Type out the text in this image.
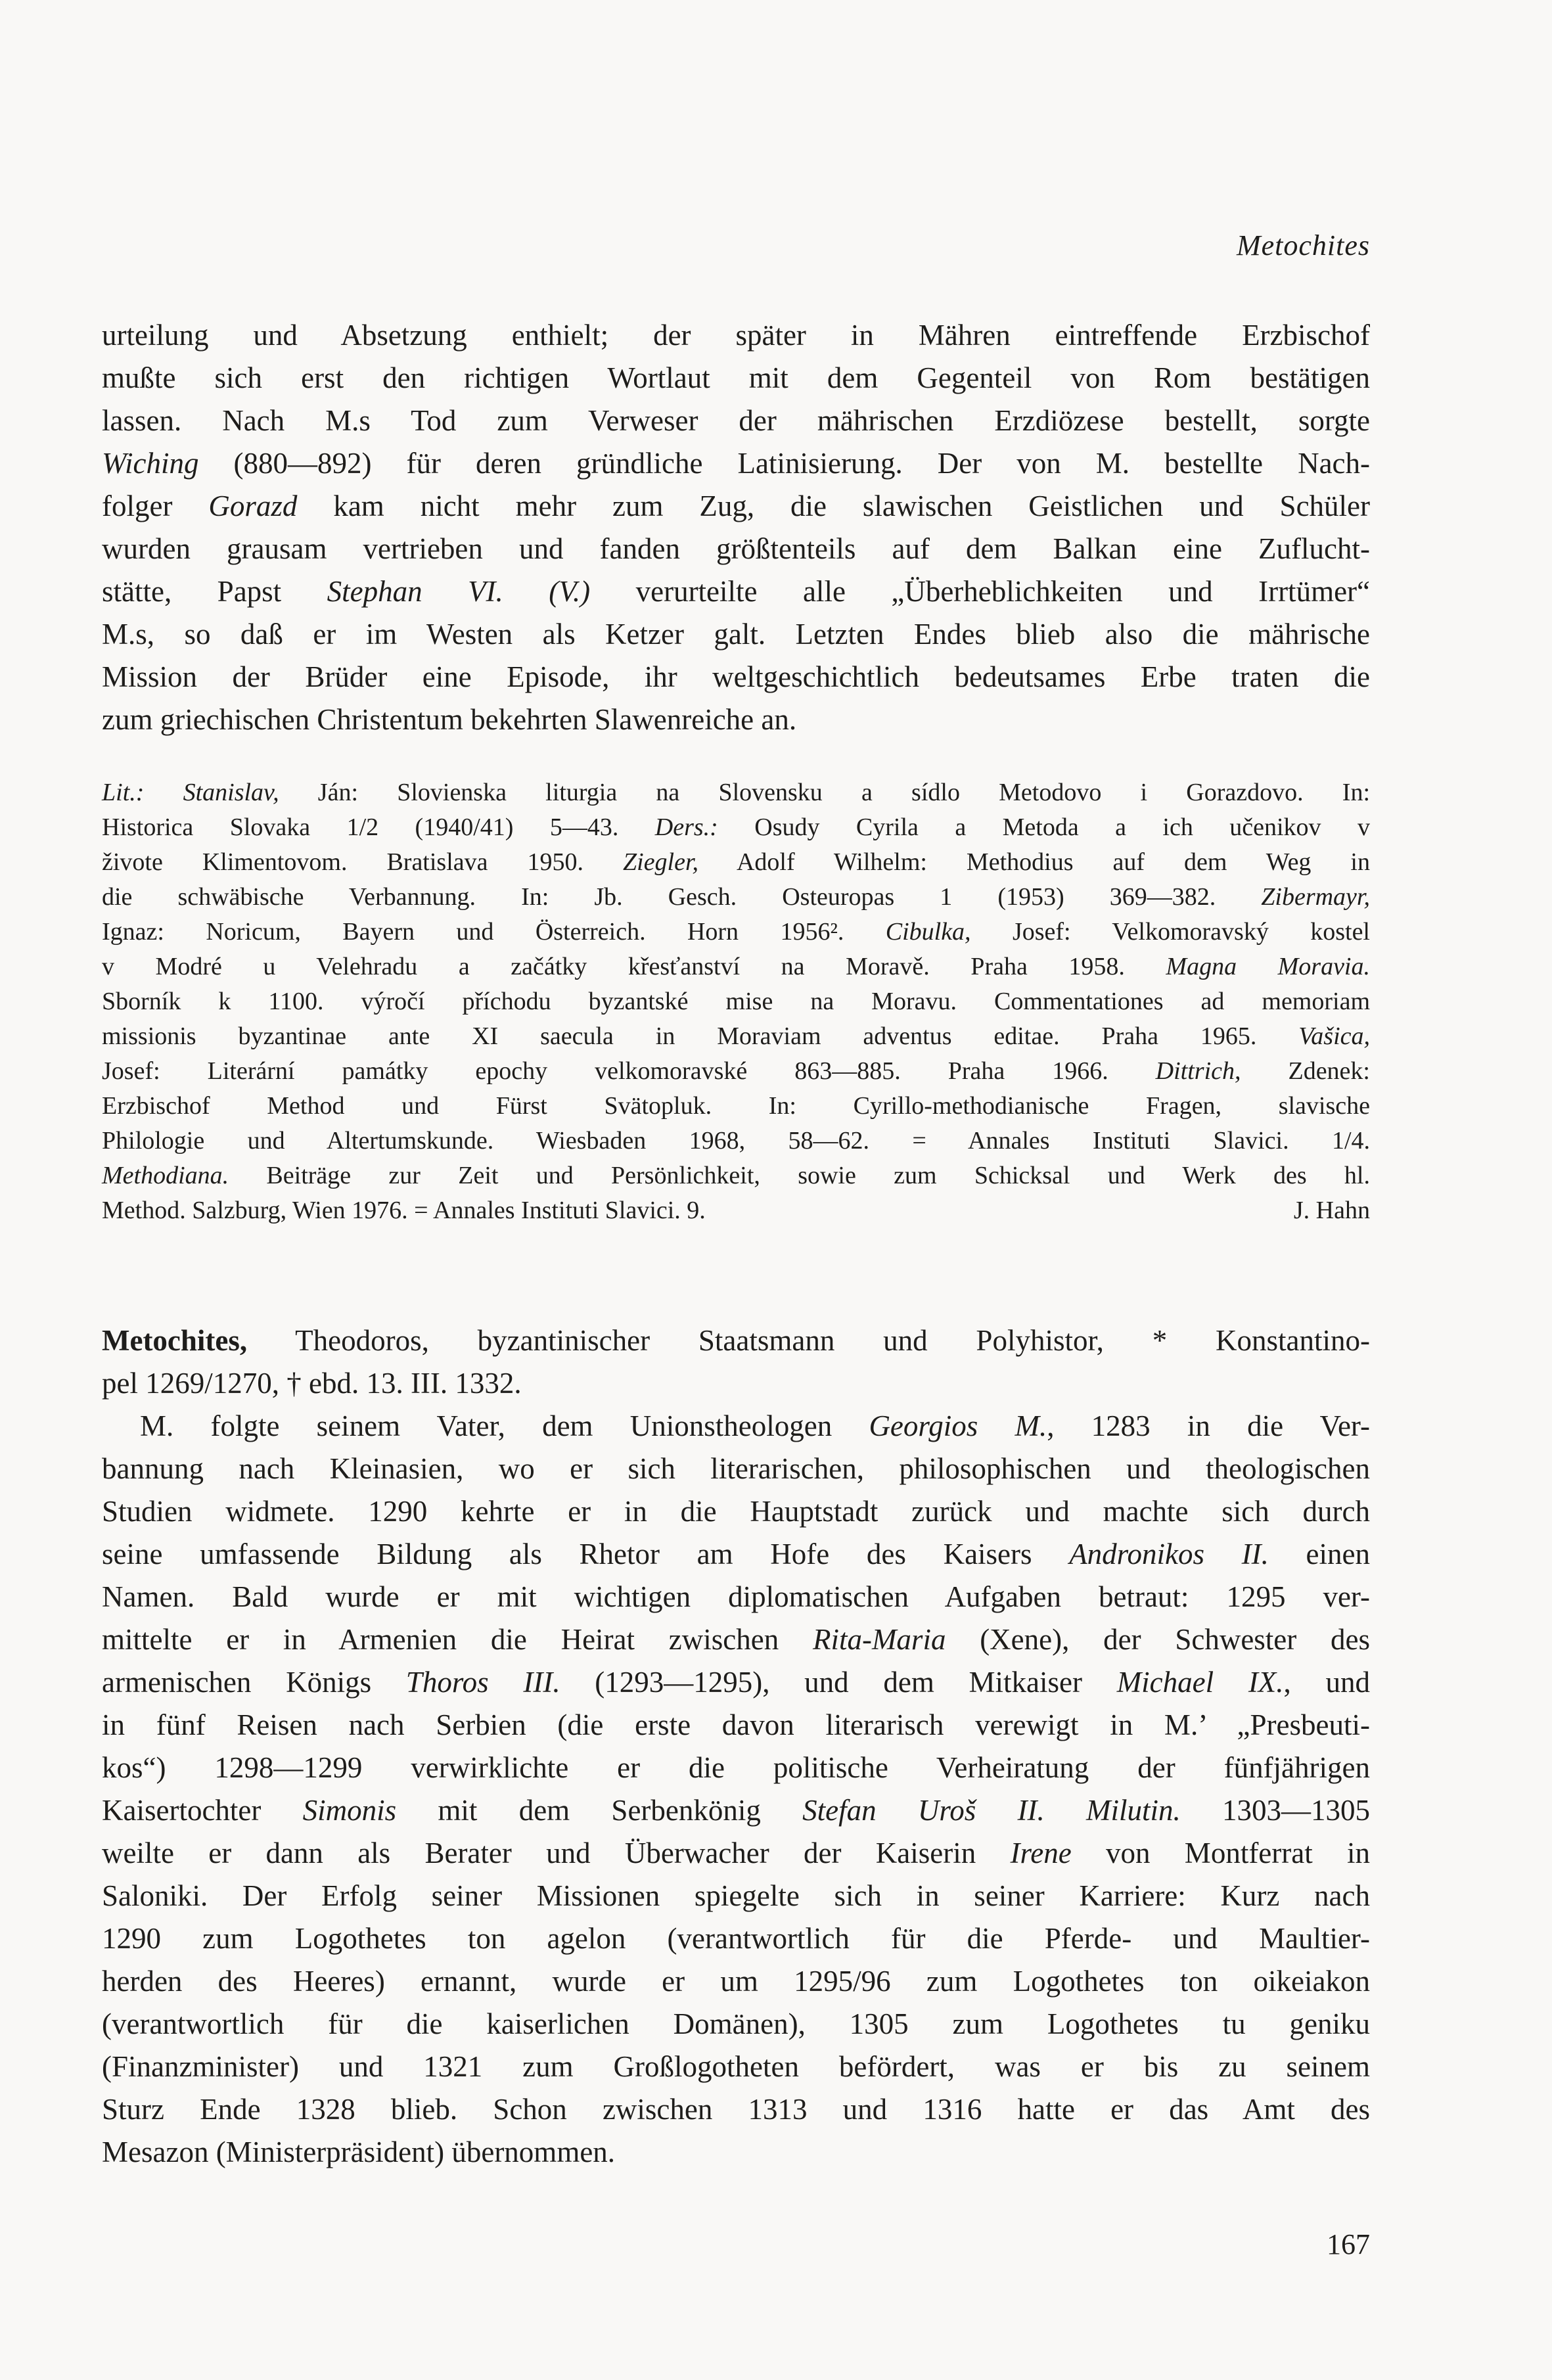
Metochites
urteilung und Absetzung enthielt; der später in Mähren eintreffende Erzbischof
mußte sich erst den richtigen Wortlaut mit dem Gegenteil von Rom bestätigen
lassen. Nach M.s Tod zum Verweser der mährischen Erzdiözese bestellt, sorgte
Wiching (880—892) für deren gründliche Latinisierung. Der von M. bestellte Nach-
folger Gorazd kam nicht mehr zum Zug, die slawischen Geistlichen und Schüler
wurden grausam vertrieben und fanden größtenteils auf dem Balkan eine Zuflucht-
stätte, Papst Stephan VI. (V.) verurteilte alle „Überheblichkeiten und Irrtümer“
M.s, so daß er im Westen als Ketzer galt. Letzten Endes blieb also die mährische
Mission der Brüder eine Episode, ihr weltgeschichtlich bedeutsames Erbe traten die
zum griechischen Christentum bekehrten Slawenreiche an.
Lit.: Stanislav, Ján: Slovienska liturgia na Slovensku a sídlo Metodovo i Gorazdovo. In:
Historica Slovaka 1/2 (1940/41) 5—43. Ders.: Osudy Cyrila a Metoda a ich učenikov v
živote Klimentovom. Bratislava 1950. Ziegler, Adolf Wilhelm: Methodius auf dem Weg in
die schwäbische Verbannung. In: Jb. Gesch. Osteuropas 1 (1953) 369—382. Zibermayr,
Ignaz: Noricum, Bayern und Österreich. Horn 1956². Cibulka, Josef: Velkomoravský kostel
v Modré u Velehradu a začátky křesťanství na Moravě. Praha 1958. Magna Moravia.
Sborník k 1100. výročí příchodu byzantské mise na Moravu. Commentationes ad memoriam
missionis byzantinae ante XI saecula in Moraviam adventus editae. Praha 1965. Vašica,
Josef: Literární památky epochy velkomoravské 863—885. Praha 1966. Dittrich, Zdenek:
Erzbischof Method und Fürst Svätopluk. In: Cyrillo-methodianische Fragen, slavische
Philologie und Altertumskunde. Wiesbaden 1968, 58—62. = Annales Instituti Slavici. 1/4.
Methodiana. Beiträge zur Zeit und Persönlichkeit, sowie zum Schicksal und Werk des hl.
J. Hahn
Method. Salzburg, Wien 1976. = Annales Instituti Slavici. 9.
Metochites, Theodoros, byzantinischer Staatsmann und Polyhistor, * Konstantino-
pel 1269/1270, † ebd. 13. III. 1332.
M. folgte seinem Vater, dem Unionstheologen Georgios M., 1283 in die Ver-
bannung nach Kleinasien, wo er sich literarischen, philosophischen und theologischen
Studien widmete. 1290 kehrte er in die Hauptstadt zurück und machte sich durch
seine umfassende Bildung als Rhetor am Hofe des Kaisers Andronikos II. einen
Namen. Bald wurde er mit wichtigen diplomatischen Aufgaben betraut: 1295 ver-
mittelte er in Armenien die Heirat zwischen Rita-Maria (Xene), der Schwester des
armenischen Königs Thoros III. (1293—1295), und dem Mitkaiser Michael IX., und
in fünf Reisen nach Serbien (die erste davon literarisch verewigt in M.’ „Presbeuti-
kos“) 1298—1299 verwirklichte er die politische Verheiratung der fünfjährigen
Kaisertochter Simonis mit dem Serbenkönig Stefan Uroš II. Milutin. 1303—1305
weilte er dann als Berater und Überwacher der Kaiserin Irene von Montferrat in
Saloniki. Der Erfolg seiner Missionen spiegelte sich in seiner Karriere: Kurz nach
1290 zum Logothetes ton agelon (verantwortlich für die Pferde- und Maultier-
herden des Heeres) ernannt, wurde er um 1295/96 zum Logothetes ton oikeiakon
(verantwortlich für die kaiserlichen Domänen), 1305 zum Logothetes tu geniku
(Finanzminister) und 1321 zum Großlogotheten befördert, was er bis zu seinem
Sturz Ende 1328 blieb. Schon zwischen 1313 und 1316 hatte er das Amt des
Mesazon (Ministerpräsident) übernommen.
167
